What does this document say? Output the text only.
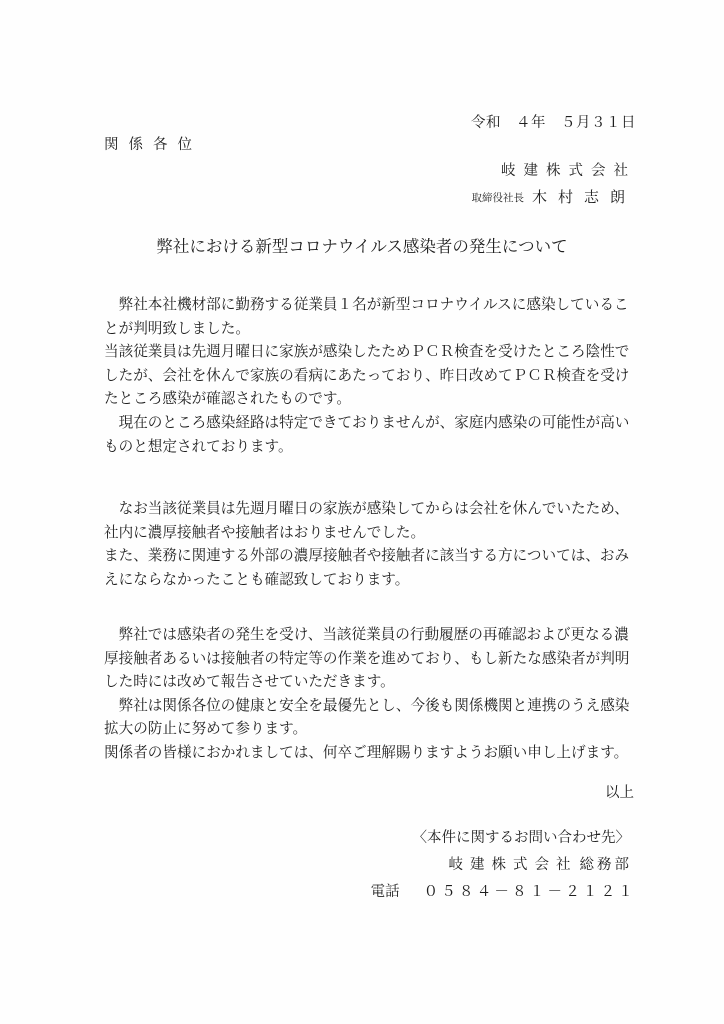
令和　４年　５月３１日
関係各位
岐建株式会社
取締役社長 木村志朗
弊社における新型コロナウイルス感染者の発生について
　弊社本社機材部に勤務する従業員１名が新型コロナウイルスに感染しているこ
とが判明致しました。
当該従業員は先週月曜日に家族が感染したためＰＣＲ検査を受けたところ陰性で
したが、会社を休んで家族の看病にあたっており、昨日改めてＰＣＲ検査を受け
たところ感染が確認されたものです。
　現在のところ感染経路は特定できておりませんが、家庭内感染の可能性が高い
ものと想定されております。
　なお当該従業員は先週月曜日の家族が感染してからは会社を休んでいたため、
社内に濃厚接触者や接触者はおりませんでした。
また、業務に関連する外部の濃厚接触者や接触者に該当する方については、おみ
えにならなかったことも確認致しております。
　弊社では感染者の発生を受け、当該従業員の行動履歴の再確認および更なる濃
厚接触者あるいは接触者の特定等の作業を進めており、もし新たな感染者が判明
した時には改めて報告させていただきます。
　弊社は関係各位の健康と安全を最優先とし、今後も関係機関と連携のうえ感染
拡大の防止に努めて参ります。
関係者の皆様におかれましては、何卒ご理解賜りますようお願い申し上げます。
以上
〈本件に関するお問い合わせ先〉
岐建株式会社 総務部
電話 ０５８４－８１－２１２１
